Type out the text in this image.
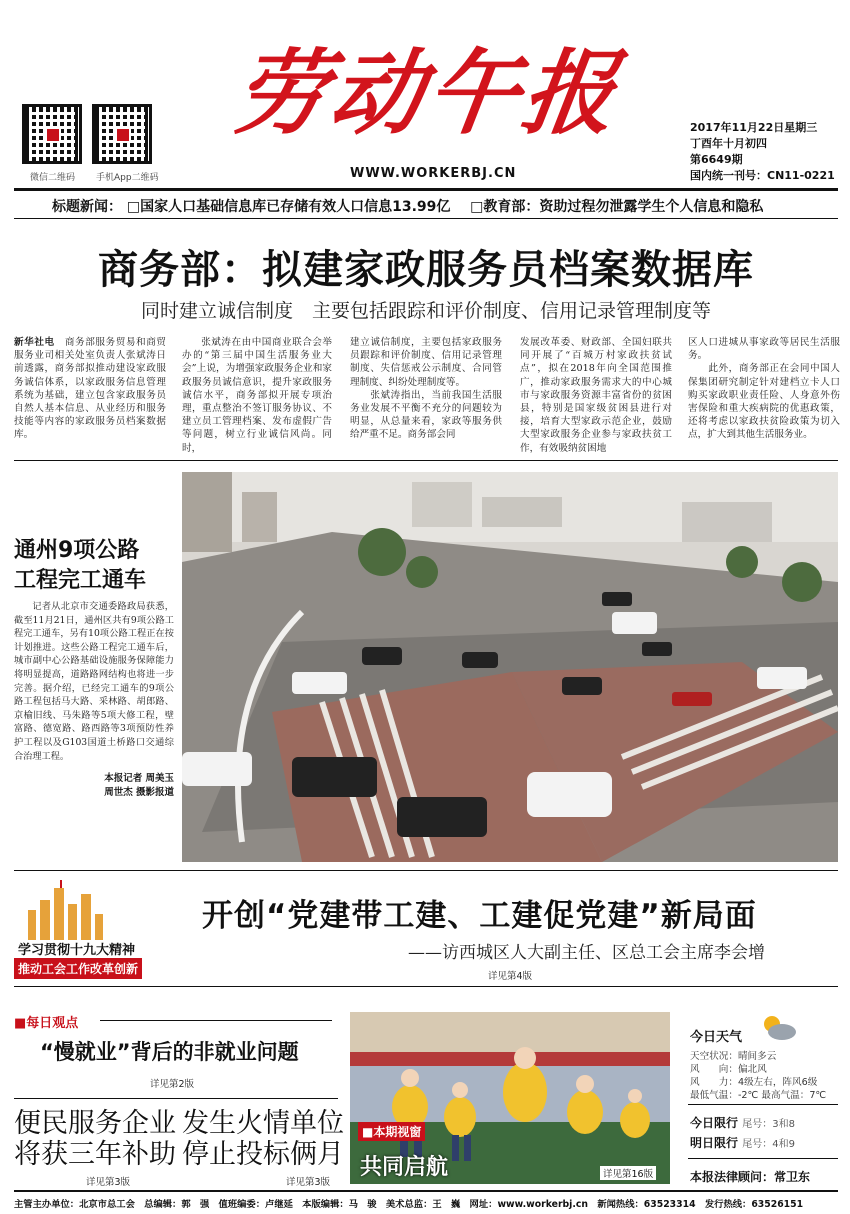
微信二维码 手机App二维码
劳动午报
WWW.WORKERBJ.CN
2017年11月22日星期三
丁酉年十月初四
第6649期
国内统一刊号：CN11-0221
标题新闻： □国家人口基础信息库已存储有效人口信息13.99亿 □教育部：资助过程勿泄露学生个人信息和隐私
商务部：拟建家政服务员档案数据库
同时建立诚信制度　主要包括跟踪和评价制度、信用记录管理制度等
新华社电　 商务部服务贸易和商贸服务业司相关处室负责人张斌涛日前透露，商务部拟推动建设家政服务诚信体系，以家政服务信息管理系统为基础，建立包含家政服务员自然人基本信息、从业经历和服务技能等内容的家政服务员档案数据库。
张斌涛在由中国商业联合会举办的“第三届中国生活服务业大会”上说，为增强家政服务企业和家政服务员诚信意识，提升家政服务诚信水平，商务部拟开展专项治理，重点整治不签订服务协议、不建立员工管理档案、发布虚假广告等问题，树立行业诚信风尚。同时，
建立诚信制度，主要包括家政服务员跟踪和评价制度、信用记录管理制度、失信惩戒公示制度、合同管理制度、纠纷处理制度等。
　　张斌涛指出，当前我国生活服务业发展不平衡不充分的问题较为明显，从总量来看，家政等服务供给严重不足。商务部会同
发展改革委、财政部、全国妇联共同开展了“百城万村家政扶贫试点”，拟在2018年向全国范围推广，推动家政服务需求大的中心城市与家政服务资源丰富省份的贫困县，特别是国家级贫困县进行对接，培育大型家政示范企业，鼓励大型家政服务企业参与家政扶贫工作，有效吸纳贫困地
区人口进城从事家政等居民生活服务。
　　此外，商务部正在会同中国人保集团研究制定针对建档立卡人口购买家政职业责任险、人身意外伤害保险和重大疾病院的优惠政策，还将考虑以家政扶贫险政策为切入点，扩大到其他生活服务业。
通州9项公路
工程完工通车
记者从北京市交通委路政局获悉，截至11月21日，通州区共有9项公路工程完工通车，另有10项公路工程正在按计划推进。这些公路工程完工通车后，城市副中心公路基础设施服务保障能力将明显提高，道路路网结构也将进一步完善。据介绍，已经完工通车的9项公路工程包括马大路、采林路、胡郎路、京榆旧线、马朱路等5项大修工程，壁富路、德宽路、路西路等3项预防性养护工程以及G103国道土桥路口交通综合治理工程。
本报记者 周美玉
周世杰 摄影报道
学习贯彻十九大精神
推动工会工作改革创新
开创“党建带工建、工建促党建”新局面
——访西城区人大副主任、区总工会主席李会增
详见第4版
■每日观点
“慢就业”背后的非就业问题
详见第2版
便民服务企业
将获三年补助
发生火情单位
停止投标俩月
详见第3版	详见第3版
■本期视窗
共同启航	详见第16版
今日天气
天空状况：晴间多云
风　　向：偏北风
风　　力：4级左右，阵风6级
最低气温：-2℃ 最高气温：7℃
今日限行 尾号：3和8
明日限行 尾号：4和9
本报法律顾问：常卫东
主管主办单位：北京市总工会　总编辑：郭　强　值班编委：卢继延　本版编辑：马　骏　美术总监：王　巍　网址：www.workerbj.cn　新闻热线：63523314　发行热线：63526151
